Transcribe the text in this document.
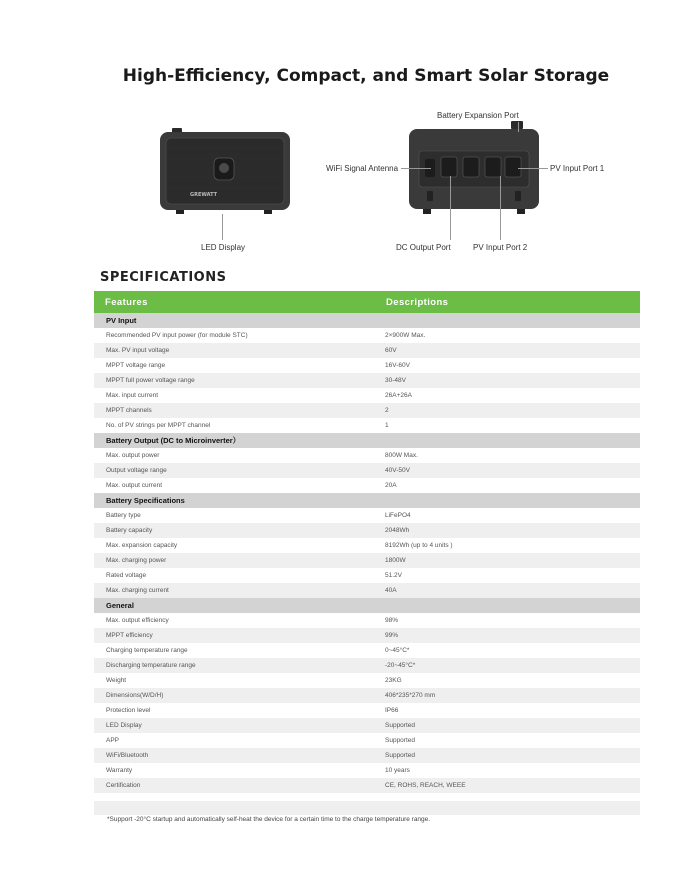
High-Efficiency, Compact, and Smart Solar Storage
GREWATT
Battery Expansion Port
WiFi Signal Antenna	PV Input Port 1
LED Display	DC Output Port	PV Input Port 2
SPECIFICATIONS
Features	Descriptions
PV Input	
Recommended PV input power (for module STC)	2×900W Max.
Max. PV input voltage	60V
MPPT voltage range	16V-60V
MPPT full power voltage range	30-48V
Max. input current	26A+26A
MPPT channels	2
No. of PV strings per MPPT channel	1
Battery Output (DC to Microinverter）	
Max. output power	800W Max.
Output voltage range	40V-50V
Max. output current	20A
Battery Specifications	
Battery type	LiFePO4
Battery capacity	2048Wh
Max. expansion capacity	8192Wh (up to 4 units )
Max. charging power	1800W
Rated voltage	51.2V
Max. charging current	40A
General	
Max. output efficiency	98%
MPPT efficiency	99%
Charging temperature range	0~45°C*
Discharging temperature range	-20~45°C*
Weight	23KG
Dimensions(W/D/H)	406*235*270 mm
Protection level	IP66
LED Display	Supported
APP	Supported
WiFi/Bluetooth	Supported
Warranty	10 years
Certification	CE, ROHS, REACH, WEEE

*Support -20°C startup and automatically self-heat the device for a certain time to the charge temperature range.
